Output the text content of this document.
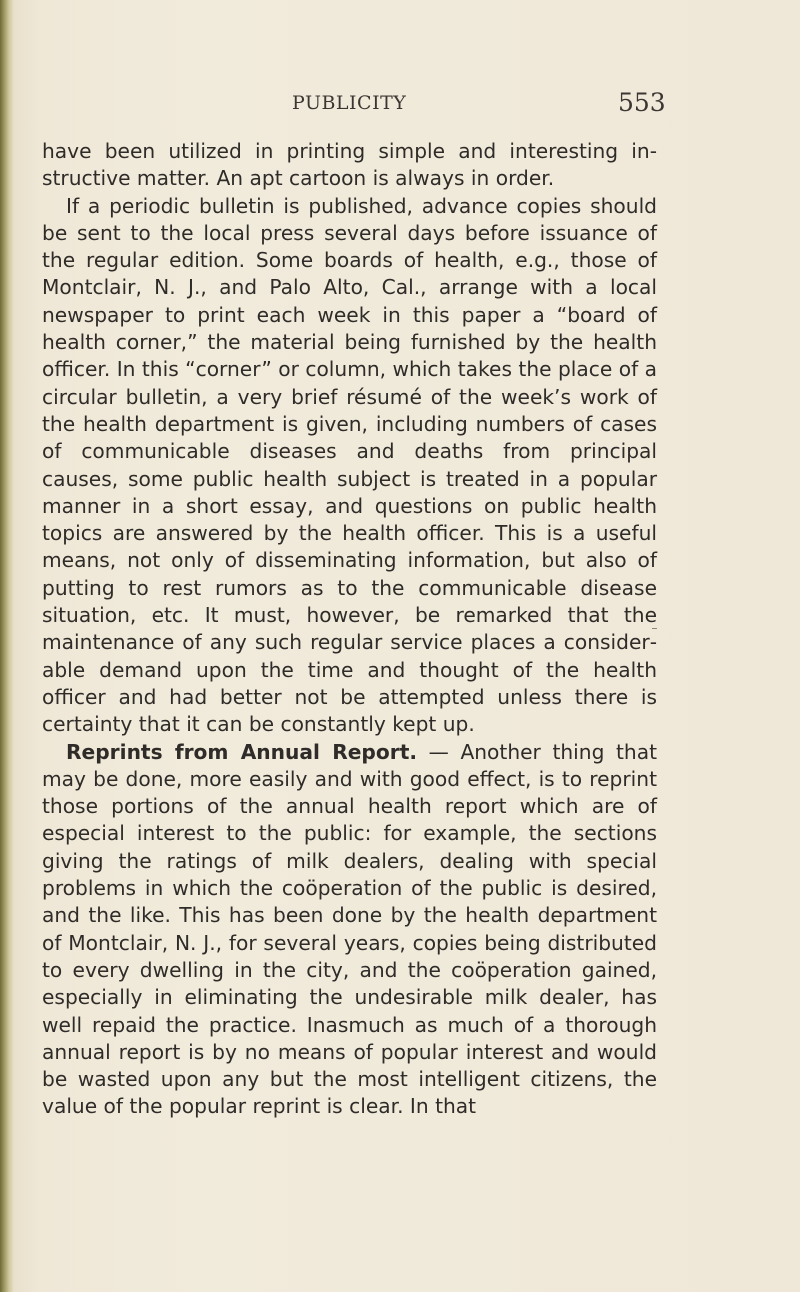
PUBLICITY	553

have been utilized in printing simple and interesting instructive matter. An apt cartoon is always in order.

If a periodic bulletin is published, advance copies should be sent to the local press several days before issuance of the regular edition. Some boards of health, e.g., those of Montclair, N. J., and Palo Alto, Cal., arrange with a local newspaper to print each week in this paper a “board of health corner,” the material being furnished by the health officer. In this “corner” or column, which takes the place of a circular bulletin, a very brief résumé of the week’s work of the health department is given, including numbers of cases of communicable diseases and deaths from principal causes, some public health subject is treated in a popular manner in a short essay, and questions on public health topics are answered by the health officer. This is a useful means, not only of disseminating information, but also of putting to rest rumors as to the communicable disease situation, etc. It must, however, be remarked that the maintenance of any such regular service places a considerable demand upon the time and thought of the health officer and had better not be attempted unless there is certainty that it can be constantly kept up.

Reprints from Annual Report. — Another thing that may be done, more easily and with good effect, is to reprint those portions of the annual health report which are of especial interest to the public: for example, the sections giving the ratings of milk dealers, dealing with special problems in which the coöperation of the public is desired, and the like. This has been done by the health department of Montclair, N. J., for several years, copies being distributed to every dwelling in the city, and the coöperation gained, especially in eliminating the undesirable milk dealer, has well repaid the practice. Inasmuch as much of a thorough annual report is by no means of popular interest and would be wasted upon any but the most intelligent citizens, the value of the popular reprint is clear. In that
